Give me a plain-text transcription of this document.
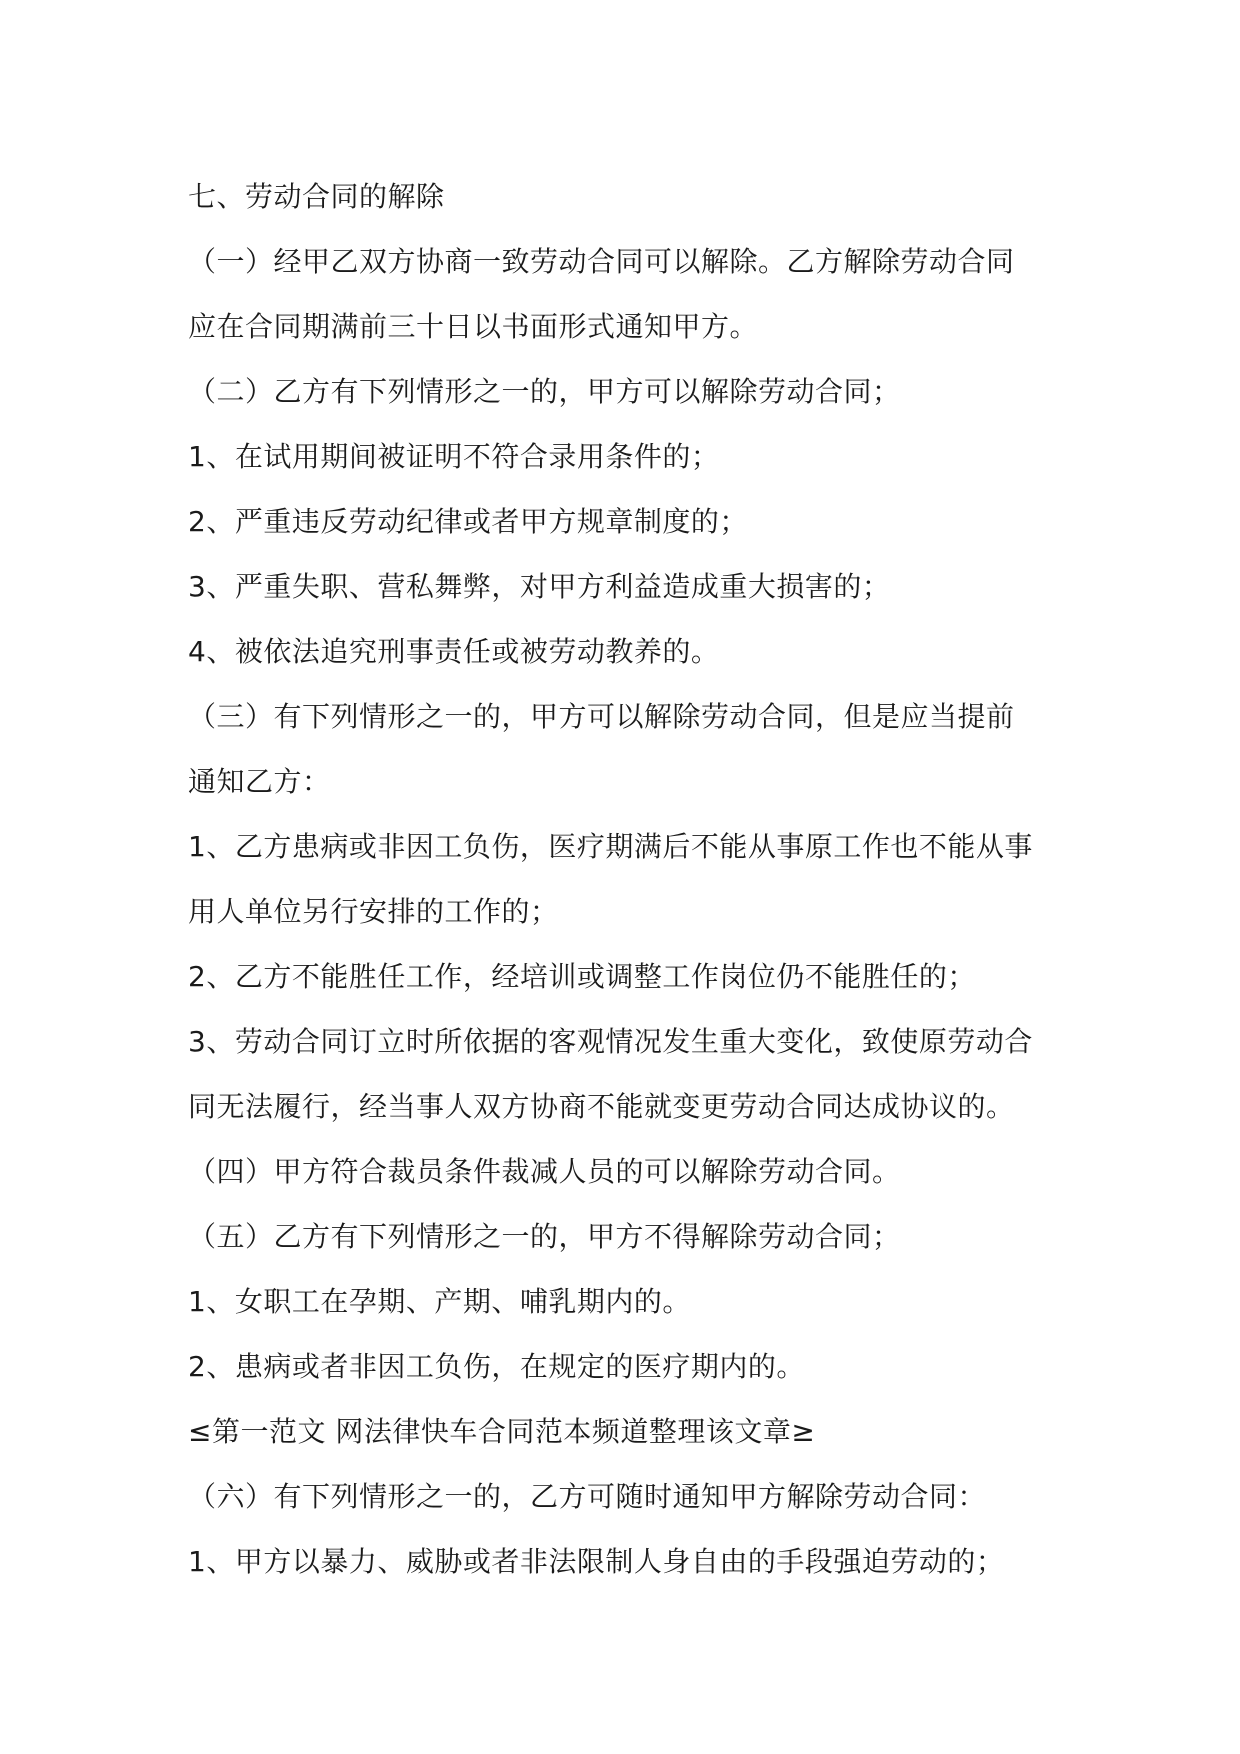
七、劳动合同的解除
（一）经甲乙双方协商一致劳动合同可以解除。乙方解除劳动合同
应在合同期满前三十日以书面形式通知甲方。
（二）乙方有下列情形之一的，甲方可以解除劳动合同；
1、在试用期间被证明不符合录用条件的；
2、严重违反劳动纪律或者甲方规章制度的；
3、严重失职、营私舞弊，对甲方利益造成重大损害的；
4、被依法追究刑事责任或被劳动教养的。
（三）有下列情形之一的，甲方可以解除劳动合同，但是应当提前
通知乙方：
1、乙方患病或非因工负伤，医疗期满后不能从事原工作也不能从事
用人单位另行安排的工作的；
2、乙方不能胜任工作，经培训或调整工作岗位仍不能胜任的；
3、劳动合同订立时所依据的客观情况发生重大变化，致使原劳动合
同无法履行，经当事人双方协商不能就变更劳动合同达成协议的。
（四）甲方符合裁员条件裁减人员的可以解除劳动合同。
（五）乙方有下列情形之一的，甲方不得解除劳动合同；
1、女职工在孕期、产期、哺乳期内的。
2、患病或者非因工负伤，在规定的医疗期内的。
≤第一范文 网法律快车合同范本频道整理该文章≥
（六）有下列情形之一的，乙方可随时通知甲方解除劳动合同：
1、甲方以暴力、威胁或者非法限制人身自由的手段强迫劳动的；
